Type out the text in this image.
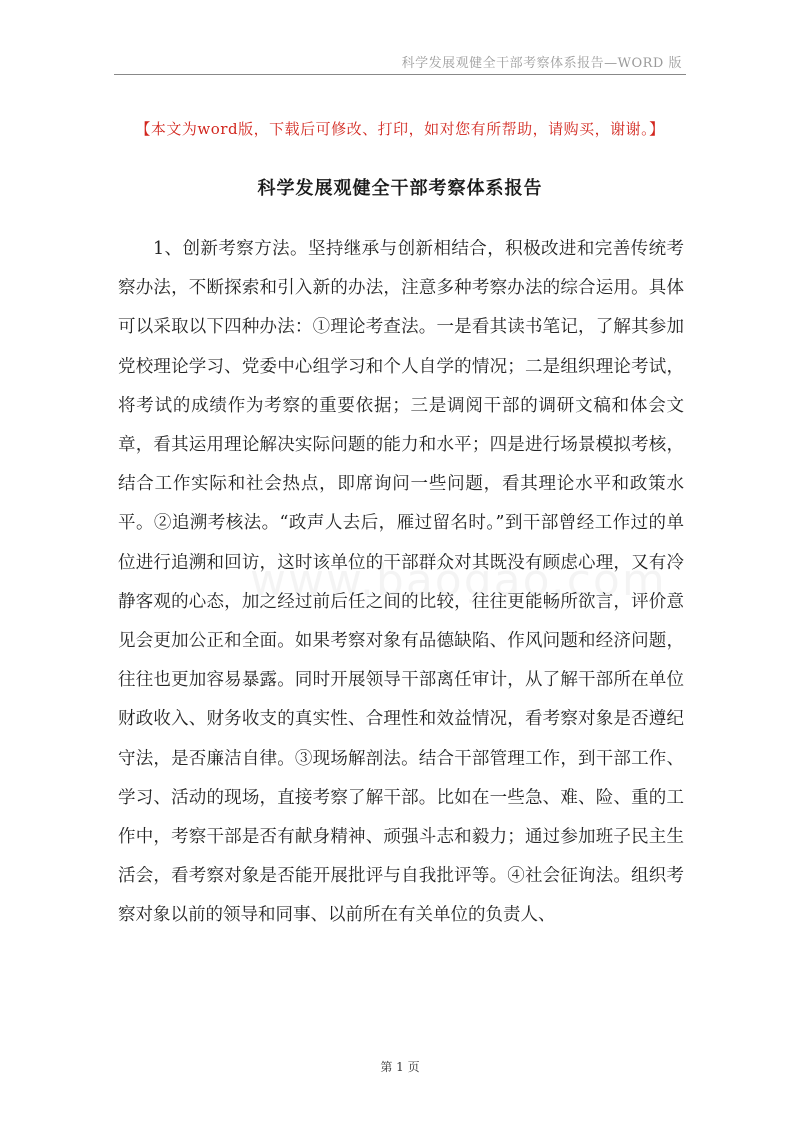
科学发展观健全干部考察体系报告—WORD 版
【本文为word版，下载后可修改、打印，如对您有所帮助，请购买，谢谢。】
科学发展观健全干部考察体系报告
1、创新考察方法。坚持继承与创新相结合，积极改进和完善传统考察办法，不断探索和引入新的办法，注意多种考察办法的综合运用。具体可以采取以下四种办法：①理论考查法。一是看其读书笔记，了解其参加党校理论学习、党委中心组学习和个人自学的情况；二是组织理论考试，将考试的成绩作为考察的重要依据；三是调阅干部的调研文稿和体会文章，看其运用理论解决实际问题的能力和水平；四是进行场景模拟考核，结合工作实际和社会热点，即席询问一些问题，看其理论水平和政策水平。②追溯考核法。“政声人去后，雁过留名时。”到干部曾经工作过的单位进行追溯和回访，这时该单位的干部群众对其既没有顾虑心理，又有冷静客观的心态，加之经过前后任之间的比较，往往更能畅所欲言，评价意见会更加公正和全面。如果考察对象有品德缺陷、作风问题和经济问题，往往也更加容易暴露。同时开展领导干部离任审计，从了解干部所在单位财政收入、财务收支的真实性、合理性和效益情况，看考察对象是否遵纪守法，是否廉洁自律。③现场解剖法。结合干部管理工作，到干部工作、学习、活动的现场，直接考察了解干部。比如在一些急、难、险、重的工作中，考察干部是否有献身精神、顽强斗志和毅力；通过参加班子民主生活会，看考察对象是否能开展批评与自我批评等。④社会征询法。组织考察对象以前的领导和同事、以前所在有关单位的负责人、
第 1 页
